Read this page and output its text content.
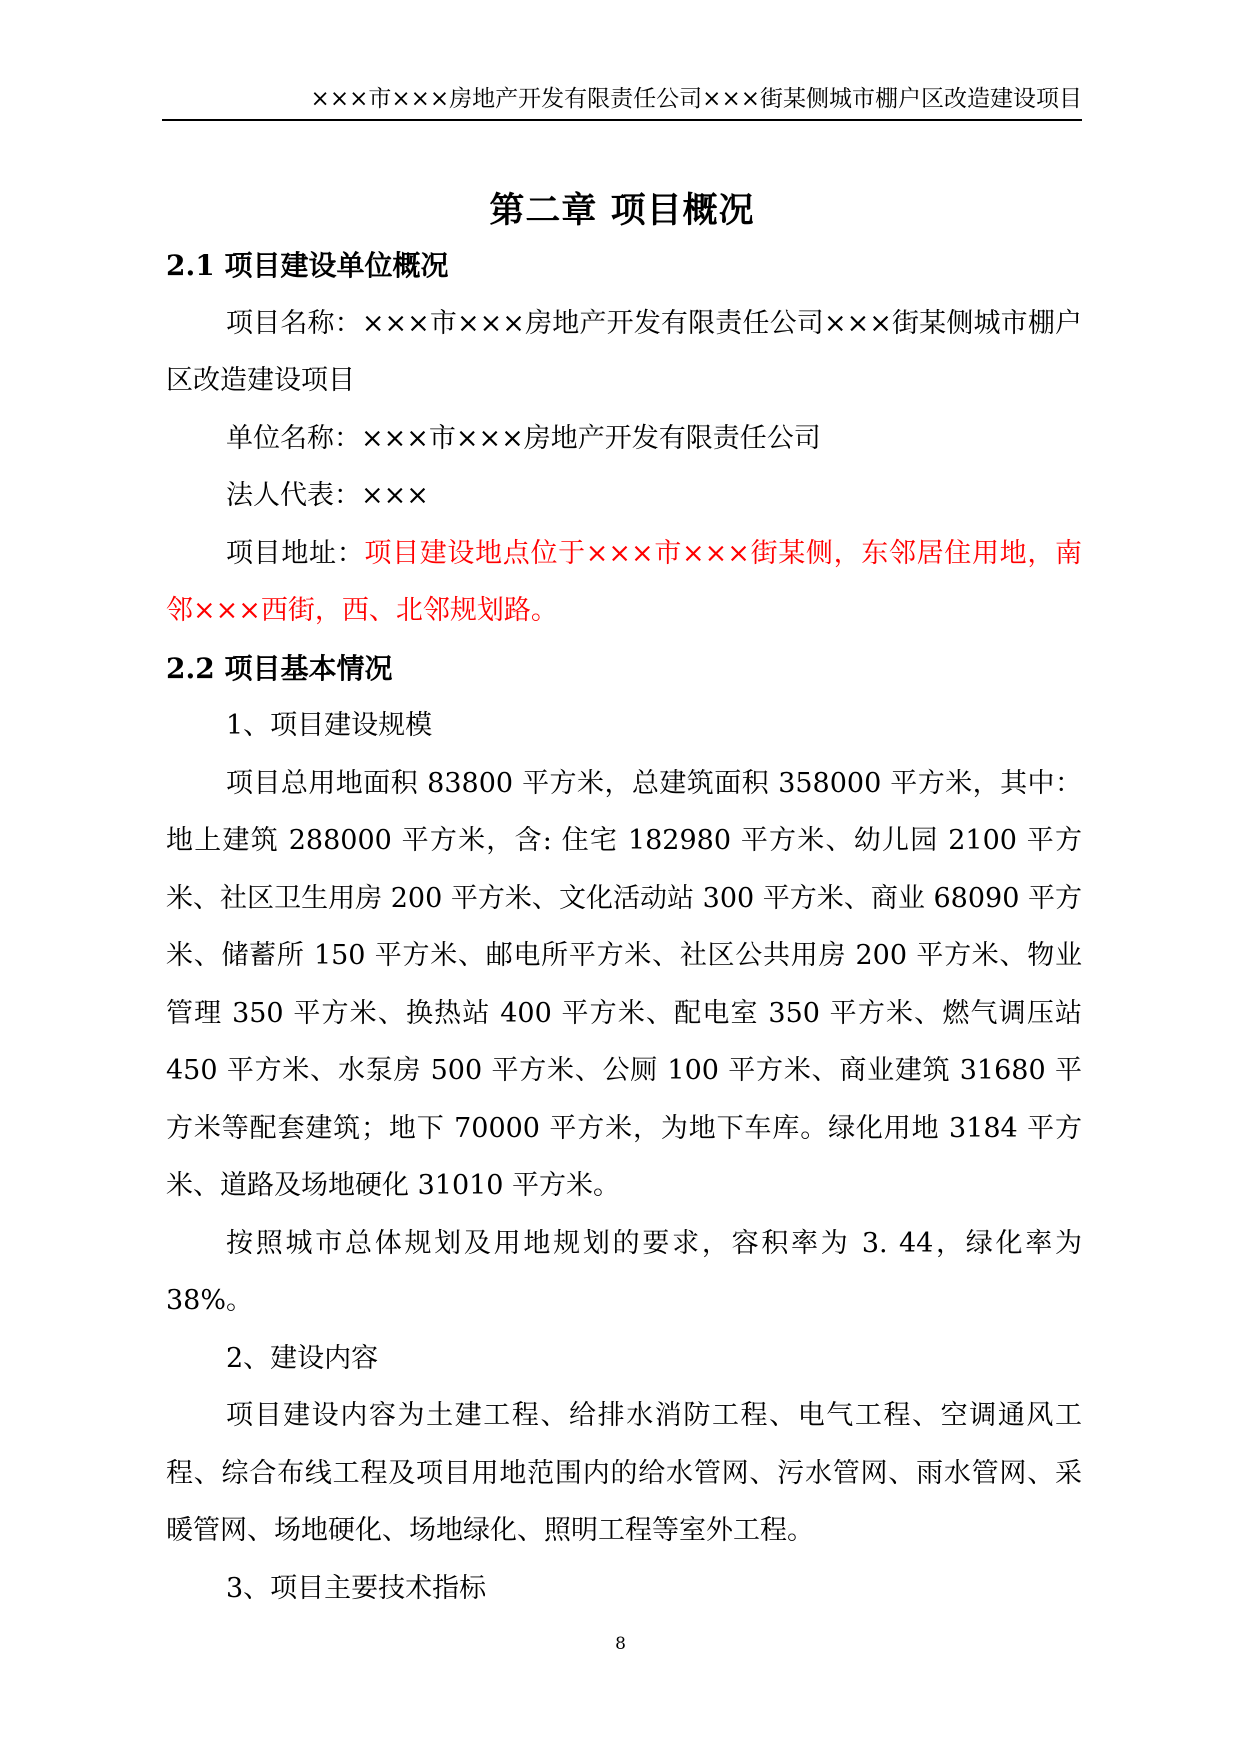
×××市×××房地产开发有限责任公司×××街某侧城市棚户区改造建设项目
第二章 项目概况

2.1 项目建设单位概况

项目名称：×××市×××房地产开发有限责任公司×××街某侧城市棚户区改造建设项目

单位名称：×××市×××房地产开发有限责任公司

法人代表：×××

项目地址：项目建设地点位于×××市×××街某侧，东邻居住用地，南邻×××西街，西、北邻规划路。

2.2 项目基本情况

1、项目建设规模

项目总用地面积 83800 平方米，总建筑面积 358000 平方米，其中：地上建筑 288000 平方米，含: 住宅 182980 平方米、幼儿园 2100 平方米、社区卫生用房 200 平方米、文化活动站 300 平方米、商业 68090 平方米、储蓄所 150 平方米、邮电所平方米、社区公共用房 200 平方米、物业管理 350 平方米、换热站 400 平方米、配电室 350 平方米、燃气调压站 450 平方米、水泵房 500 平方米、公厕 100 平方米、商业建筑 31680 平方米等配套建筑；地下 70000 平方米，为地下车库。绿化用地 3184 平方米、道路及场地硬化 31010 平方米。

按照城市总体规划及用地规划的要求，容积率为 3. 44，绿化率为 38%。

2、建设内容

项目建设内容为土建工程、给排水消防工程、电气工程、空调通风工程、综合布线工程及项目用地范围内的给水管网、污水管网、雨水管网、采暖管网、场地硬化、场地绿化、照明工程等室外工程。

3、项目主要技术指标

8
